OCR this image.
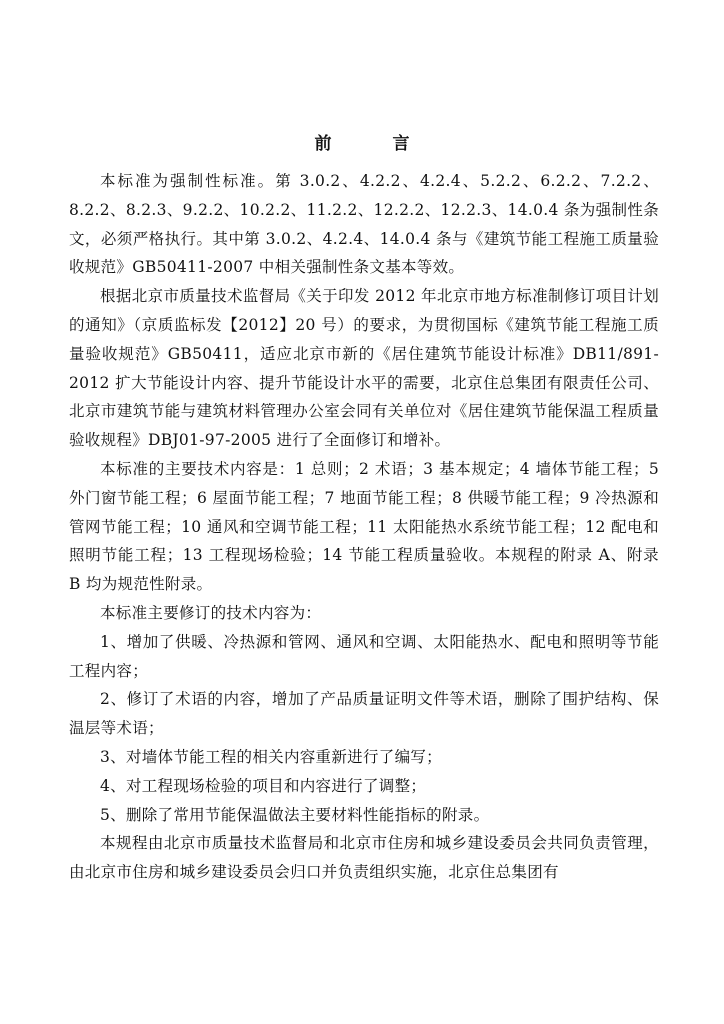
前　言

本标准为强制性标准。第 3.0.2、4.2.2、4.2.4、5.2.2、6.2.2、7.2.2、8.2.2、8.2.3、9.2.2、10.2.2、11.2.2、12.2.2、12.2.3、14.0.4 条为强制性条文，必须严格执行。其中第 3.0.2、4.2.4、14.0.4 条与《建筑节能工程施工质量验收规范》GB50411-2007 中相关强制性条文基本等效。

根据北京市质量技术监督局《关于印发 2012 年北京市地方标准制修订项目计划的通知》（京质监标发【2012】20 号）的要求，为贯彻国标《建筑节能工程施工质量验收规范》GB50411，适应北京市新的《居住建筑节能设计标准》DB11/891-2012 扩大节能设计内容、提升节能设计水平的需要，北京住总集团有限责任公司、北京市建筑节能与建筑材料管理办公室会同有关单位对《居住建筑节能保温工程质量验收规程》DBJ01-97-2005 进行了全面修订和增补。

本标准的主要技术内容是：1 总则；2 术语；3 基本规定；4 墙体节能工程；5 外门窗节能工程；6 屋面节能工程；7 地面节能工程；8 供暖节能工程；9 冷热源和管网节能工程；10 通风和空调节能工程；11 太阳能热水系统节能工程；12 配电和照明节能工程；13 工程现场检验；14 节能工程质量验收。本规程的附录 A、附录 B 均为规范性附录。

本标准主要修订的技术内容为：

1、增加了供暖、冷热源和管网、通风和空调、太阳能热水、配电和照明等节能工程内容；

2、修订了术语的内容，增加了产品质量证明文件等术语，删除了围护结构、保温层等术语；

3、对墙体节能工程的相关内容重新进行了编写；

4、对工程现场检验的项目和内容进行了调整；

5、删除了常用节能保温做法主要材料性能指标的附录。

本规程由北京市质量技术监督局和北京市住房和城乡建设委员会共同负责管理，由北京市住房和城乡建设委员会归口并负责组织实施，北京住总集团有
